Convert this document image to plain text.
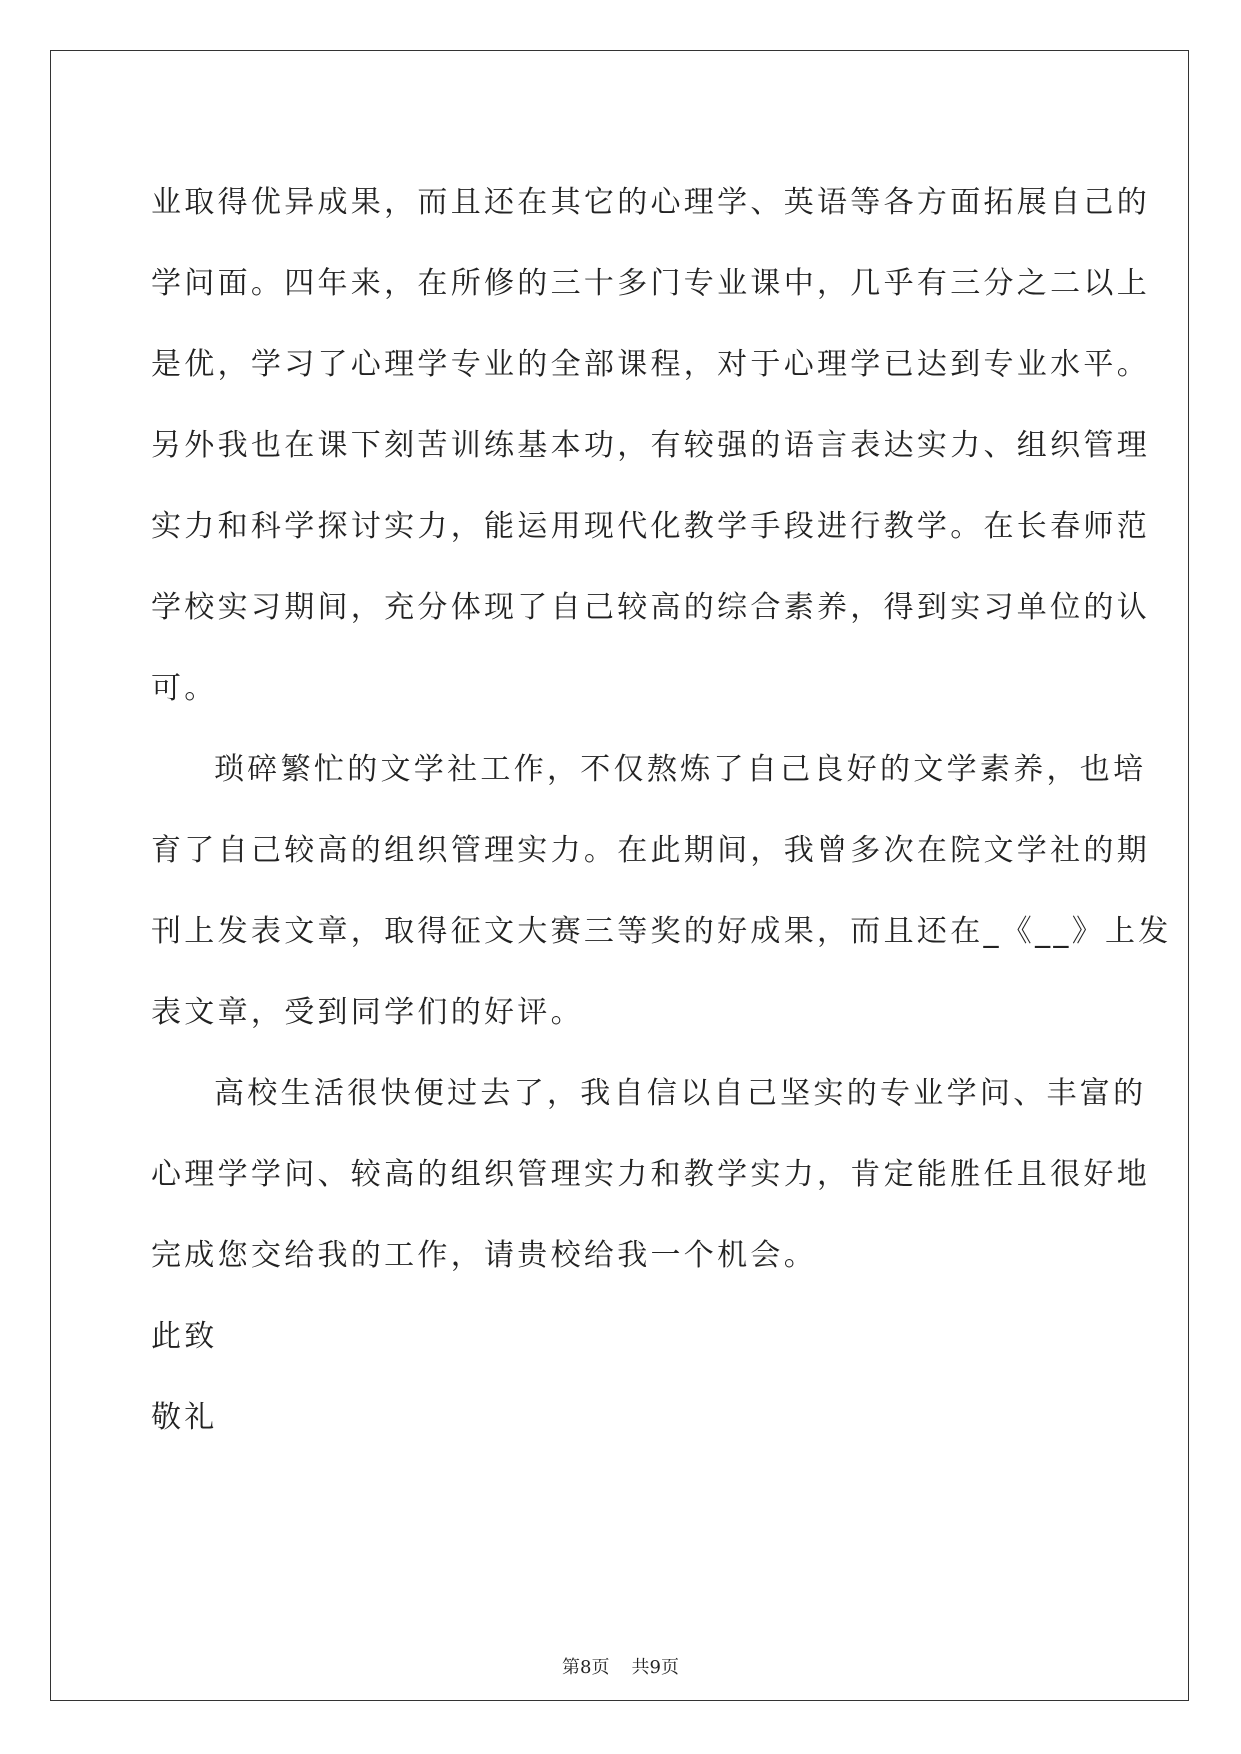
业取得优异成果，而且还在其它的心理学、英语等各方面拓展自己的
学问面。四年来，在所修的三十多门专业课中，几乎有三分之二以上
是优，学习了心理学专业的全部课程，对于心理学已达到专业水平。
另外我也在课下刻苦训练基本功，有较强的语言表达实力、组织管理
实力和科学探讨实力，能运用现代化教学手段进行教学。在长春师范
学校实习期间，充分体现了自己较高的综合素养，得到实习单位的认
可。

琐碎繁忙的文学社工作，不仅熬炼了自己良好的文学素养，也培
育了自己较高的组织管理实力。在此期间，我曾多次在院文学社的期
刊上发表文章，取得征文大赛三等奖的好成果，而且还在_《__》上发
表文章，受到同学们的好评。

高校生活很快便过去了，我自信以自己坚实的专业学问、丰富的
心理学学问、较高的组织管理实力和教学实力，肯定能胜任且很好地
完成您交给我的工作，请贵校给我一个机会。

此致

敬礼

第8页 共9页
